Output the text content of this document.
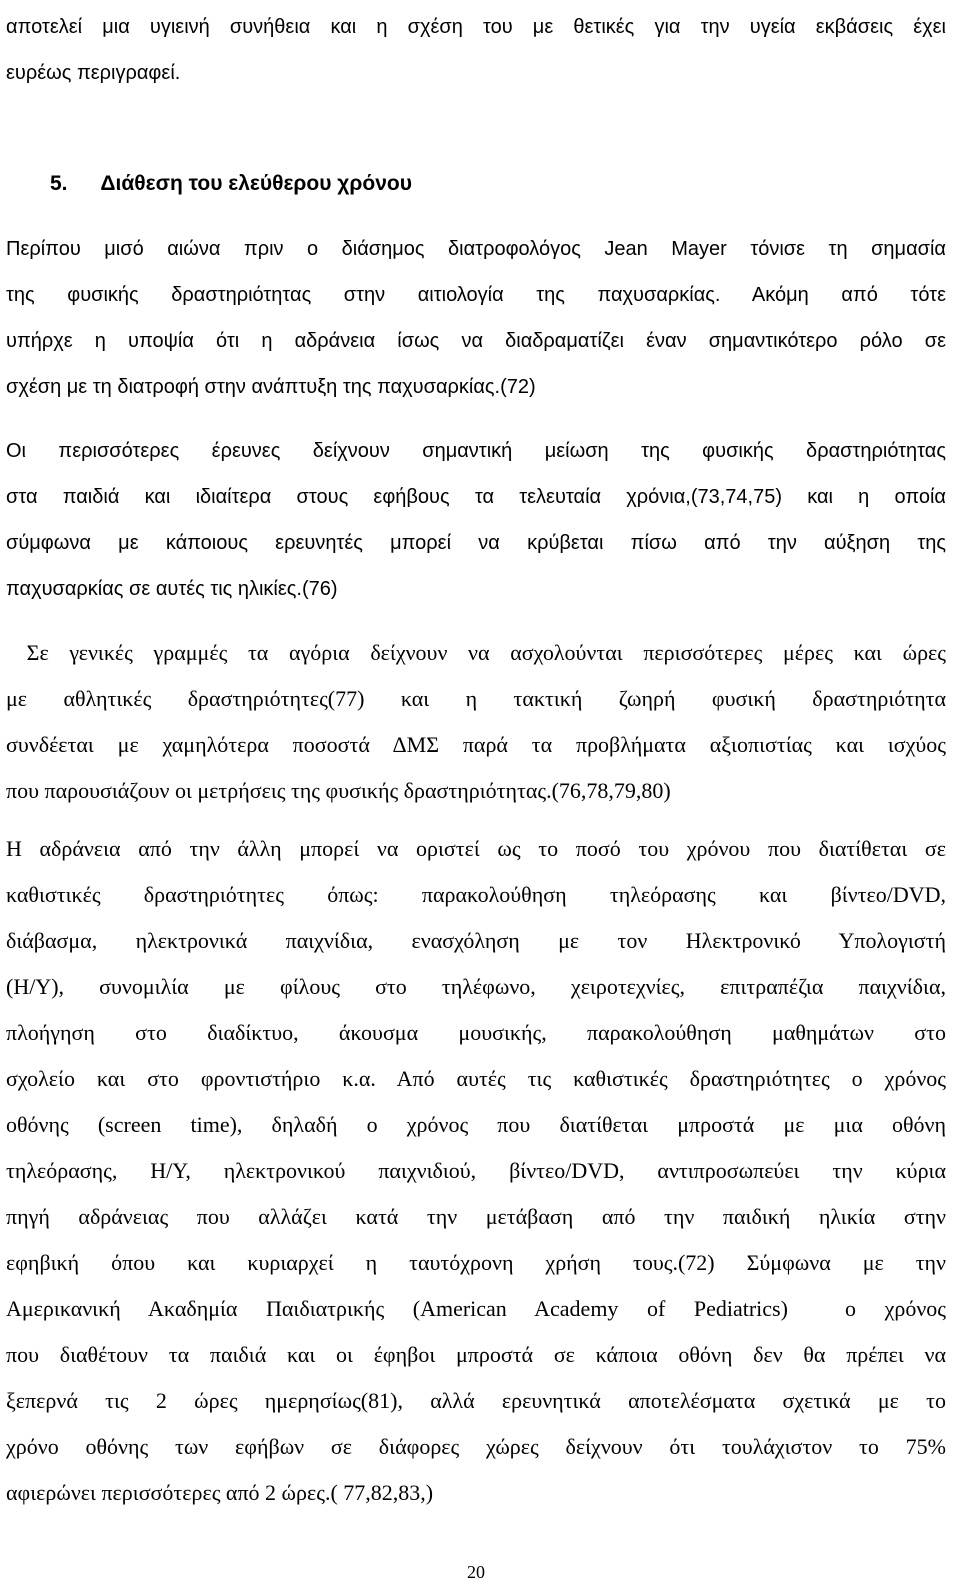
αποτελεί μια υγιεινή συνήθεια και η σχέση του με θετικές για την υγεία εκβάσεις έχει
ευρέως περιγραφεί.
5. Διάθεση του ελεύθερου χρόνου
Περίπου μισό αιώνα πριν ο διάσημος διατροφολόγος Jean Mayer τόνισε τη σημασία
της φυσικής δραστηριότητας στην αιτιολογία της παχυσαρκίας. Ακόμη από τότε
υπήρχε η υποψία ότι η αδράνεια ίσως να διαδραματίζει έναν σημαντικότερο ρόλο σε
σχέση με τη διατροφή στην ανάπτυξη της παχυσαρκίας.(72)
Οι περισσότερες έρευνες δείχνουν σημαντική μείωση της φυσικής δραστηριότητας
στα παιδιά και ιδιαίτερα στους εφήβους τα τελευταία χρόνια,(73,74,75) και η οποία
σύμφωνα με κάποιους ερευνητές μπορεί να κρύβεται πίσω από την αύξηση της
παχυσαρκίας σε αυτές τις ηλικίες.(76)
Σε γενικές γραμμές τα αγόρια δείχνουν να ασχολούνται περισσότερες μέρες και ώρες
με αθλητικές δραστηριότητες(77) και η τακτική ζωηρή φυσική δραστηριότητα
συνδέεται με χαμηλότερα ποσοστά ΔΜΣ παρά τα προβλήματα αξιοπιστίας και ισχύος
που παρουσιάζουν οι μετρήσεις της φυσικής δραστηριότητας.(76,78,79,80)
Η αδράνεια από την άλλη μπορεί να οριστεί ως το ποσό του χρόνου που διατίθεται σε
καθιστικές δραστηριότητες όπως: παρακολούθηση τηλεόρασης και βίντεο/DVD,
διάβασμα, ηλεκτρονικά παιχνίδια, ενασχόληση με τον Ηλεκτρονικό Υπολογιστή
(Η/Υ), συνομιλία με φίλους στο τηλέφωνο, χειροτεχνίες, επιτραπέζια παιχνίδια,
πλοήγηση στο διαδίκτυο, άκουσμα μουσικής, παρακολούθηση μαθημάτων στο
σχολείο και στο φροντιστήριο κ.α. Από αυτές τις καθιστικές δραστηριότητες ο χρόνος
οθόνης (screen time), δηλαδή ο χρόνος που διατίθεται μπροστά με μια οθόνη
τηλεόρασης, Η/Υ, ηλεκτρονικού παιχνιδιού, βίντεο/DVD, αντιπροσωπεύει την κύρια
πηγή αδράνειας που αλλάζει κατά την μετάβαση από την παιδική ηλικία στην
εφηβική όπου και κυριαρχεί η ταυτόχρονη χρήση τους.(72) Σύμφωνα με την
Αμερικανική Ακαδημία Παιδιατρικής (American Academy of Pediatrics)  ο χρόνος
που διαθέτουν τα παιδιά και οι έφηβοι μπροστά σε κάποια οθόνη δεν θα πρέπει να
ξεπερνά τις 2 ώρες ημερησίως(81), αλλά ερευνητικά αποτελέσματα σχετικά με το
χρόνο οθόνης των εφήβων σε διάφορες χώρες δείχνουν ότι τουλάχιστον το 75%
αφιερώνει περισσότερες από 2 ώρες.( 77,82,83,)
20
